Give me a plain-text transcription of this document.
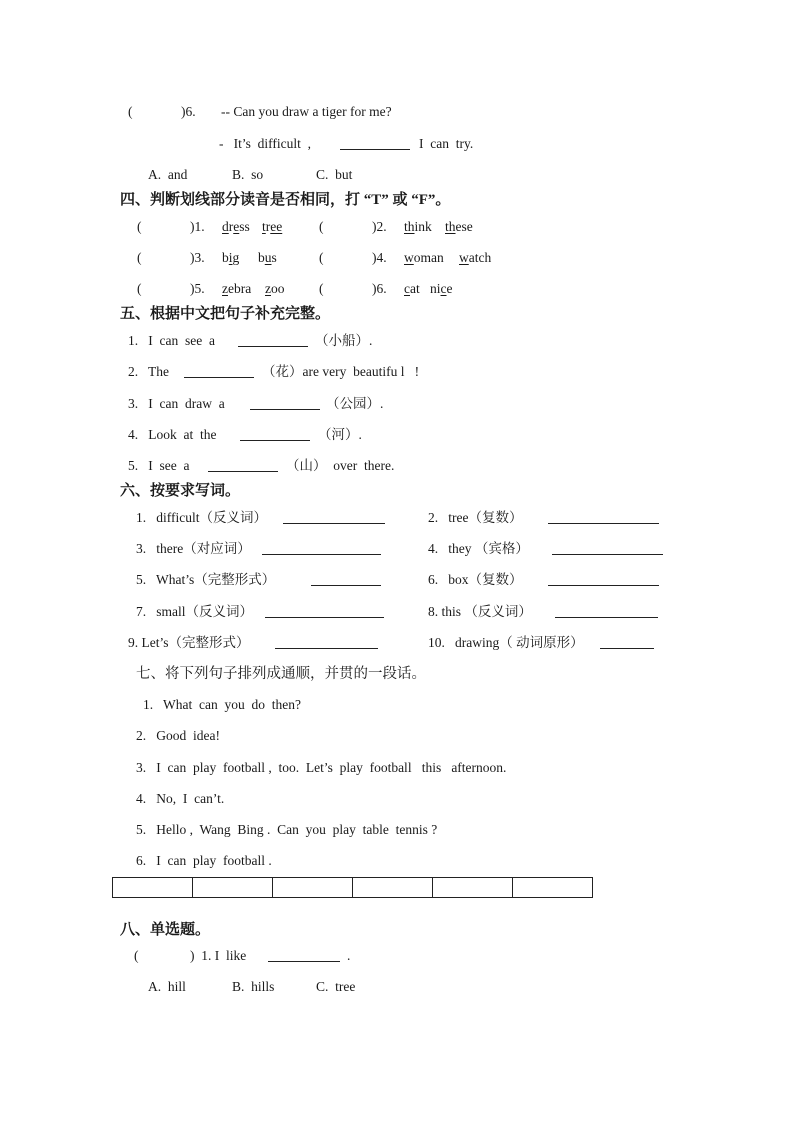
(	)6. -- Can you draw a tiger for me?
-   It’s  difficult  ,	I  can  try.
A.  and	B.  so	C.  but
四、判断划线部分读音是否相同，打 “T” 或 “F”。
(	)1. dress tree	(	)2. think these
(	)3. big bus	(	)4. woman watch
(	)5. zebra zoo	(	)6. cat nice
五、根据中文把句子补充完整。
1.   I  can  see  a	（小船）.
2.   The	（花）are very  beautifu l   !
3.   I  can  draw  a	（公园）.
4.   Look  at  the	（河）.
5.   I  see  a	（山）  over  there.
六、按要求写词。
1.   difficult（反义词）	2.   tree（复数）
3.   there（对应词）	4.   they （宾格）
5.   What’s（完整形式）	6.   box（复数）
7.   small（反义词）	8. this （反义词）
9. Let’s（完整形式）	10.   drawing（ 动词原形）
七、将下列句子排列成通顺，并贯的一段话。
1.   What  can  you  do  then?
2.   Good  idea!
3.   I  can  play  football ,  too.  Let’s  play  football   this   afternoon.
4.   No,  I  can’t.
5.   Hello ,  Wang  Bing .  Can  you  play  table  tennis ?
6.   I  can  play  football .

八、单选题。
(	)  1. I  like	.
A.  hill	B.  hills	C.  tree
